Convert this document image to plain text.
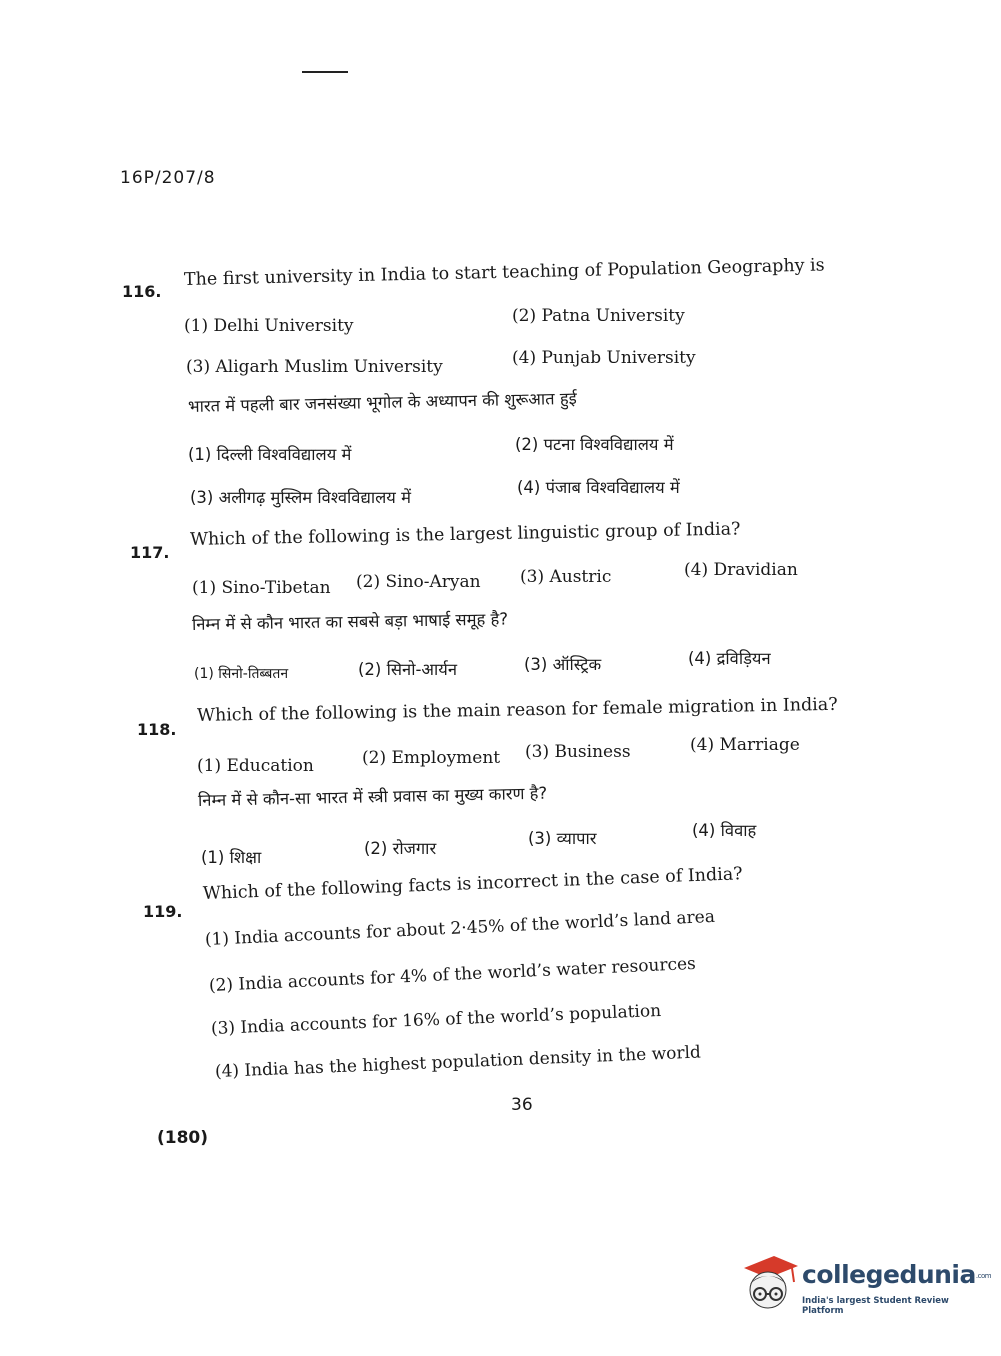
16P/207/8
116.
The first university in India to start teaching of Population Geography is
(1) Delhi University	(2) Patna University
(3) Aligarh Muslim University	(4) Punjab University
भारत में पहली बार जनसंख्या भूगोल के अध्यापन की शुरूआत हुई
(1) दिल्ली विश्वविद्यालय में
(2) पटना विश्वविद्यालय में
(3) अलीगढ़ मुस्लिम विश्वविद्यालय में
(4) पंजाब विश्वविद्यालय में
117.
Which of the following is the largest linguistic group of India?
(1) Sino-Tibetan (2) Sino-Aryan (3) Austric	(4) Dravidian
निम्न में से कौन भारत का सबसे बड़ा भाषाई समूह है?
(1) सिनो-तिब्बतन	(2) सिनो-आर्यन	(3) ऑस्ट्रिक	(4) द्रविड़ियन
118.
Which of the following is the main reason for female migration in India?
(1) Education	(2) Employment (3) Business	(4) Marriage
निम्न में से कौन-सा भारत में स्त्री प्रवास का मुख्य कारण है?
(1) शिक्षा	(2) रोजगार
(3) व्यापार	(4) विवाह
119.
Which of the following facts is incorrect in the case of India?
(1) India accounts for about 2·45% of the world’s land area
(2) India accounts for 4% of the world’s water resources
(3) India accounts for 16% of the world’s population
(4) India has the highest population density in the world
36
(180)
collegedunia.com
India's largest Student Review Platform
